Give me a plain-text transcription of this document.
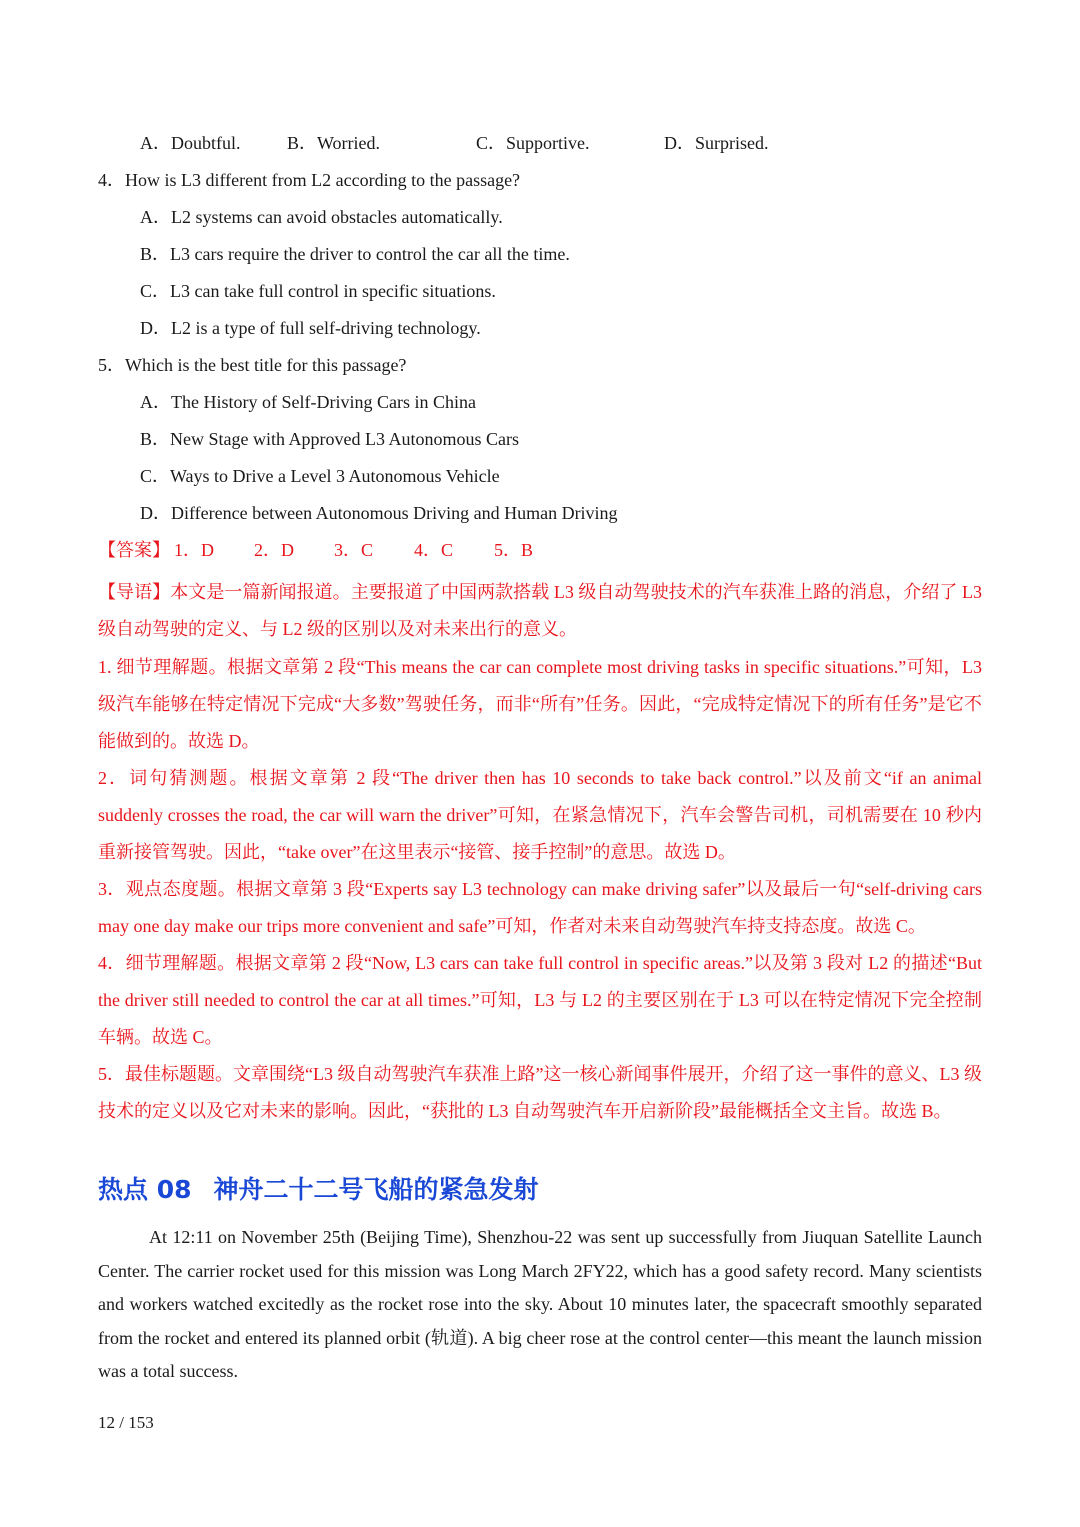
A．Doubtful.	B．Worried.	C．Supportive.	D．Surprised.
4．How is L3 different from L2 according to the passage?
A．L2 systems can avoid obstacles automatically.
B．L3 cars require the driver to control the car all the time.
C．L3 can take full control in specific situations.
D．L2 is a type of full self-driving technology.
5．Which is the best title for this passage?
A．The History of Self-Driving Cars in China
B．New Stage with Approved L3 Autonomous Cars
C．Ways to Drive a Level 3 Autonomous Vehicle
D．Difference between Autonomous Driving and Human Driving
【答案】 1．D 2．D 3．C 4．C 5．B
【导语】本文是一篇新闻报道。主要报道了中国两款搭载 L3 级自动驾驶技术的汽车获准上路的消息，介绍了 L3 级自动驾驶的定义、与 L2 级的区别以及对未来出行的意义。
1. 细节理解题。根据文章第 2 段“This means the car can complete most driving tasks in specific situations.”可知，L3 级汽车能够在特定情况下完成“大多数”驾驶任务，而非“所有”任务。因此，“完成特定情况下的所有任务”是它不能做到的。故选 D。
2．词句猜测题。根据文章第 2 段“The driver then has 10 seconds to take back control.”以及前文“if an animal suddenly crosses the road, the car will warn the driver”可知，在紧急情况下，汽车会警告司机，司机需要在 10 秒内重新接管驾驶。因此，“take over”在这里表示“接管、接手控制”的意思。故选 D。
3．观点态度题。根据文章第 3 段“Experts say L3 technology can make driving safer”以及最后一句“self-driving cars may one day make our trips more convenient and safe”可知，作者对未来自动驾驶汽车持支持态度。故选 C。
4．细节理解题。根据文章第 2 段“Now, L3 cars can take full control in specific areas.”以及第 3 段对 L2 的描述“But the driver still needed to control the car at all times.”可知，L3 与 L2 的主要区别在于 L3 可以在特定情况下完全控制车辆。故选 C。
5．最佳标题题。文章围绕“L3 级自动驾驶汽车获准上路”这一核心新闻事件展开，介绍了这一事件的意义、L3 级技术的定义以及它对未来的影响。因此，“获批的 L3 自动驾驶汽车开启新阶段”最能概括全文主旨。故选 B。
热点 08 神舟二十二号飞船的紧急发射
At 12:11 on November 25th (Beijing Time), Shenzhou-22 was sent up successfully from Jiuquan Satellite Launch Center. The carrier rocket used for this mission was Long March 2FY22, which has a good safety record. Many scientists and workers watched excitedly as the rocket rose into the sky. About 10 minutes later, the spacecraft smoothly separated from the rocket and entered its planned orbit (轨道). A big cheer rose at the control center—this meant the launch mission was a total success.
12 / 153
